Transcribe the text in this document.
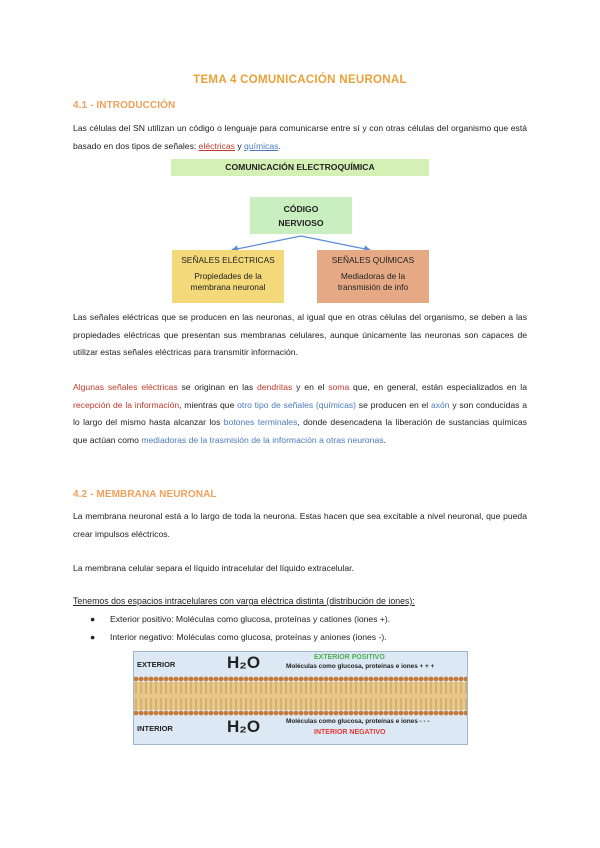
TEMA 4 COMUNICACIÓN NEURONAL
4.1 - INTRODUCCIÓN
Las células del SN utilizan un código o lenguaje para comunicarse entre sí y con otras células del organismo que está basado en dos tipos de señales: eléctricas y químicas.
COMUNICACIÓN ELECTROQUÍMICA
CÓDIGO
NERVIOSO
SEÑALES ELÉCTRICAS
Propiedades de la membrana neuronal
SEÑALES QUÍMICAS
Mediadoras de la transmisión de info
Las señales eléctricas que se producen en las neuronas, al igual que en otras células del organismo, se deben a las propiedades eléctricas que presentan sus membranas celulares, aunque únicamente las neuronas son capaces de utilizar estas señales eléctricas para transmitir información.
Algunas señales eléctricas se originan en las dendritas y en el soma que, en general, están especializados en la recepción de la información, mientras que otro tipo de señales (químicas) se producen en el axón y son conducidas a lo largo del mismo hasta alcanzar los botones terminales, donde desencadena la liberación de sustancias químicas que actúan como mediadoras de la trasmisión de la información a otras neuronas.
4.2 - MEMBRANA NEURONAL
La membrana neuronal está a lo largo de toda la neurona. Estas hacen que sea excitable a nivel neuronal, que pueda crear impulsos eléctricos.
La membrana celular separa el líquido intracelular del líquido extracelular.
Tenemos dos espacios intracelulares con varga eléctrica distinta (distribución de iones):
● Exterior positivo: Moléculas como glucosa, proteínas y cationes (iones +).
● Interior negativo: Moléculas como glucosa, proteínas y aniones (iones -).
EXTERIOR	H₂O	EXTERIOR POSITIVO
Moléculas como glucosa, proteínas e iones + + +
INTERIOR	H₂O	Moléculas como glucosa, proteínas e iones - - -
INTERIOR NEGATIVO
